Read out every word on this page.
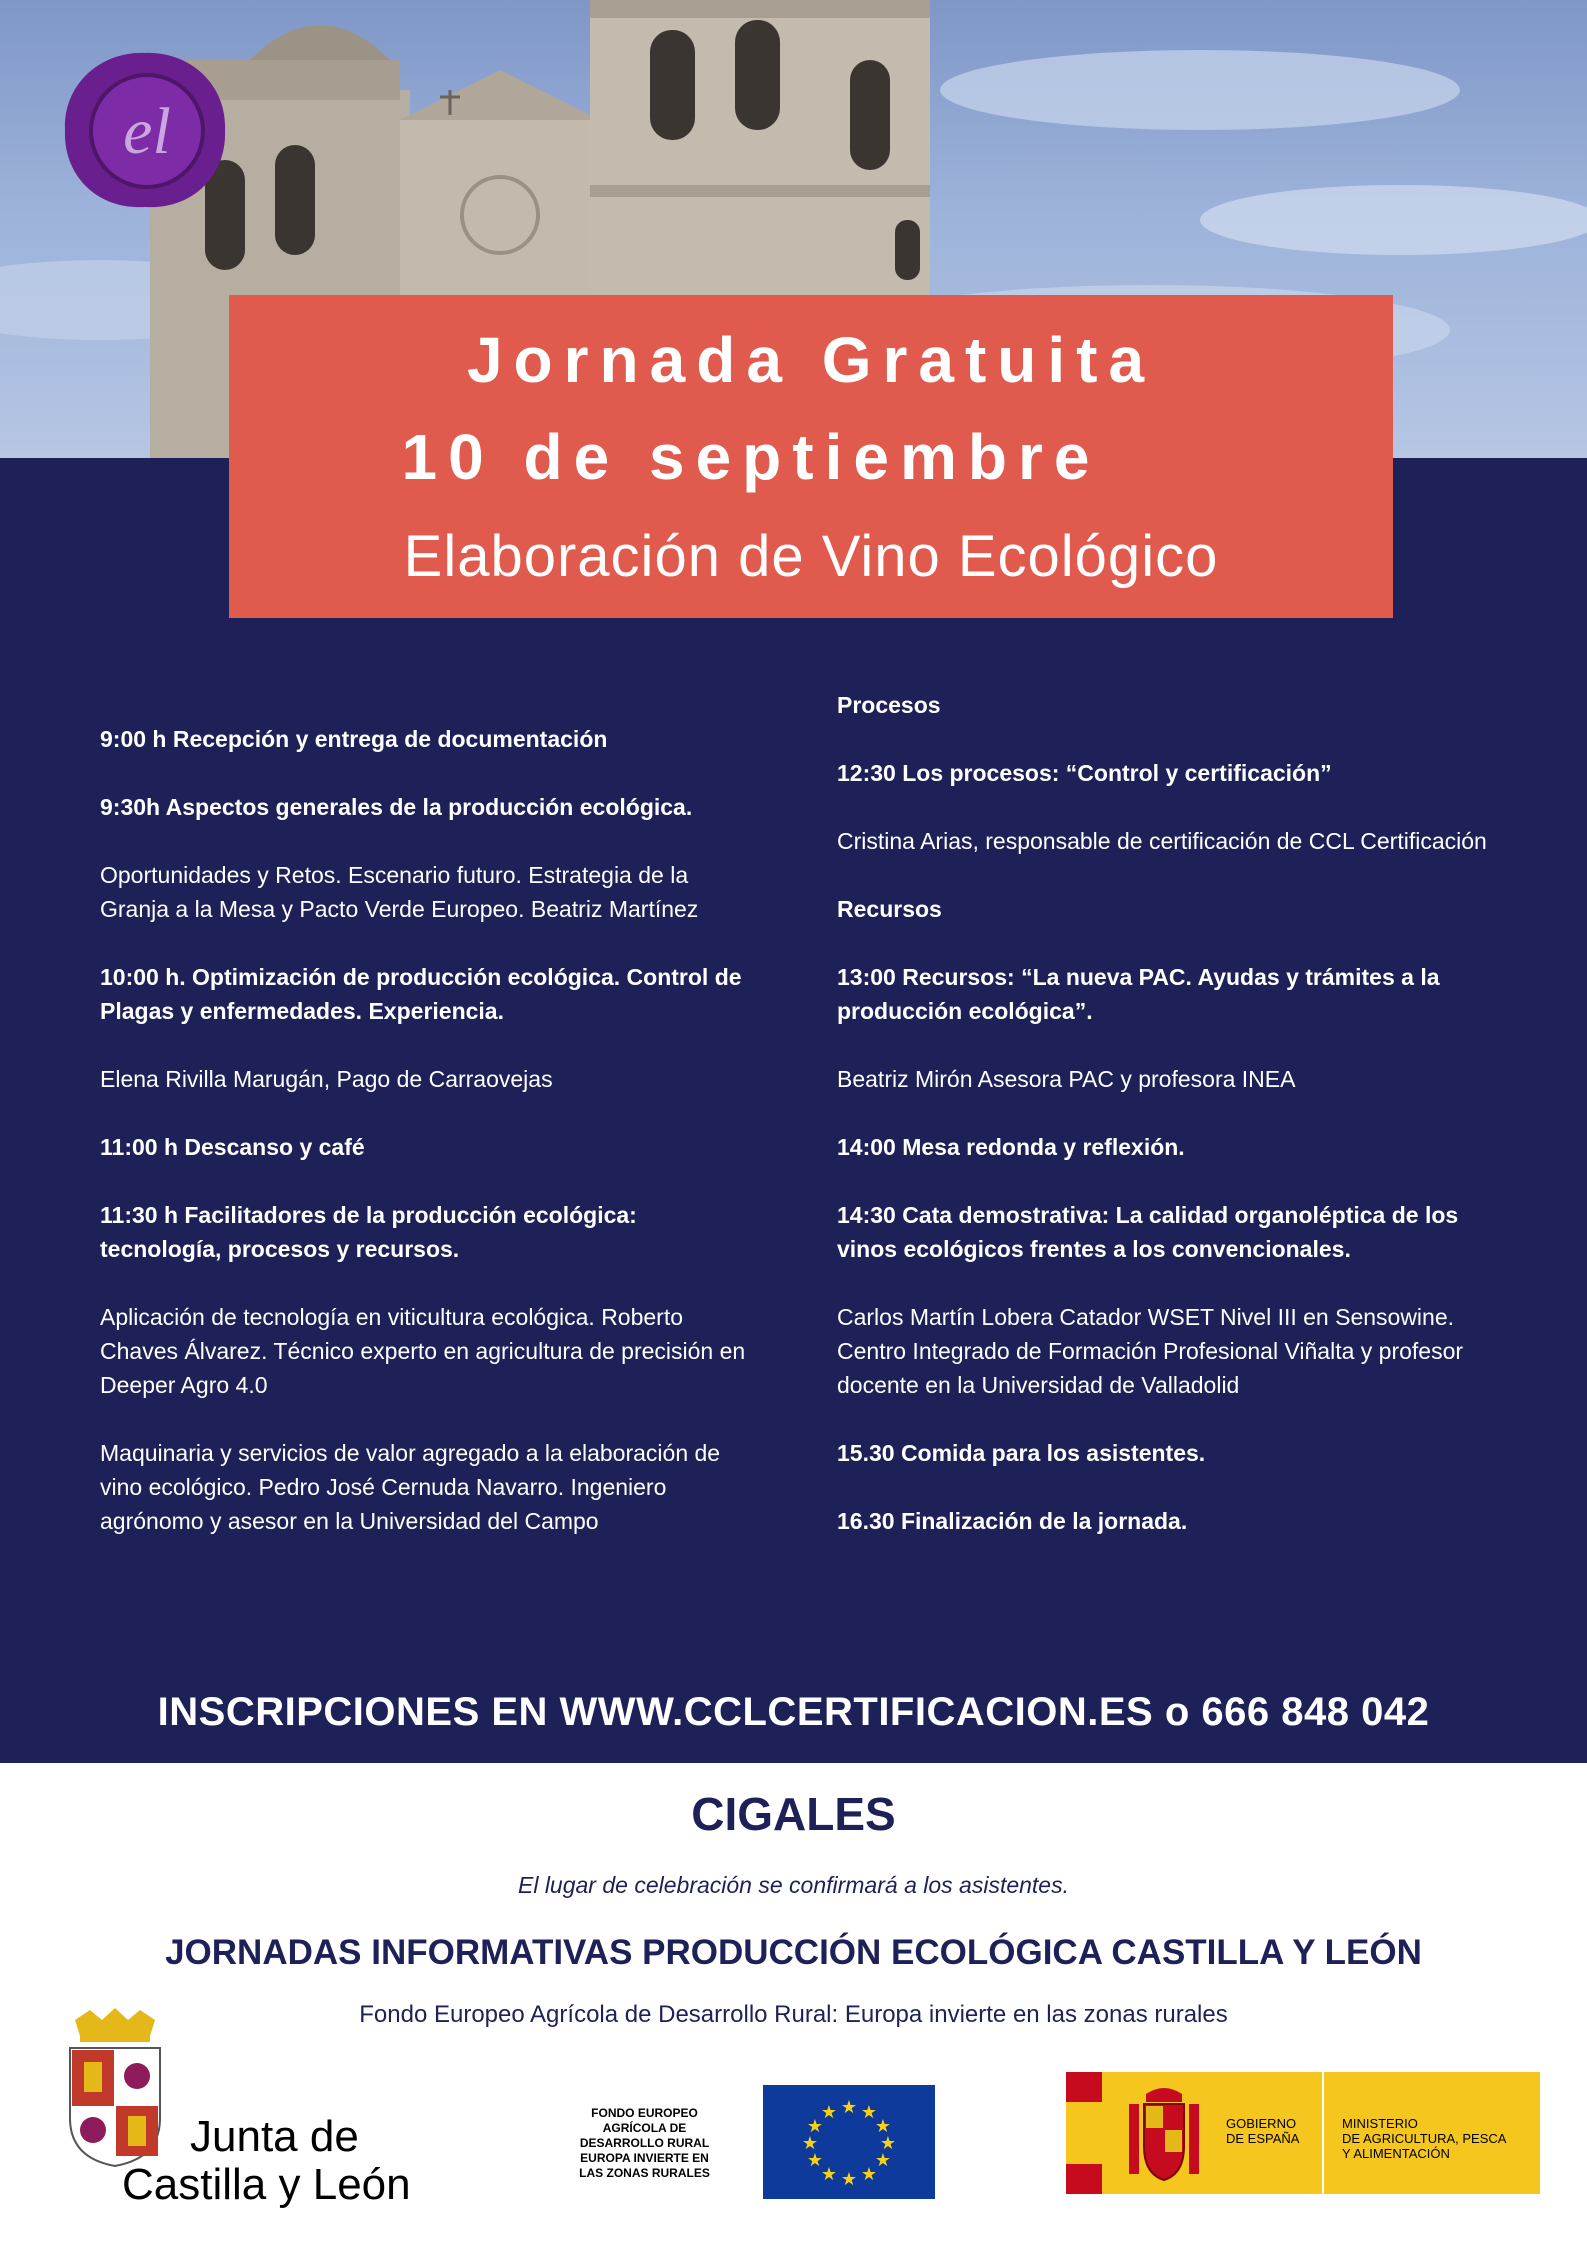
el
Jornada Gratuita
10 de septiembre
Elaboración de Vino Ecológico

9:00 h Recepción y entrega de documentación

9:30h Aspectos generales de la producción ecológica.

Oportunidades y Retos. Escenario futuro. Estrategia de la Granja a la Mesa y Pacto Verde Europeo. Beatriz Martínez

10:00 h. Optimización de producción ecológica. Control de Plagas y enfermedades. Experiencia.

Elena Rivilla Marugán, Pago de Carraovejas

11:00 h Descanso y café

11:30 h Facilitadores de la producción ecológica: tecnología, procesos y recursos.

Aplicación de tecnología en viticultura ecológica. Roberto Chaves Álvarez. Técnico experto en agricultura de precisión en Deeper Agro 4.0

Maquinaria y servicios de valor agregado a la elaboración de vino ecológico. Pedro José Cernuda Navarro. Ingeniero agrónomo y asesor en la Universidad del Campo

Procesos

12:30 Los procesos: “Control y certificación”

Cristina Arias, responsable de certificación de CCL Certificación

Recursos

13:00 Recursos: “La nueva PAC. Ayudas y trámites a la producción ecológica”.

Beatriz Mirón Asesora PAC y profesora INEA

14:00 Mesa redonda y reflexión.

14:30 Cata demostrativa: La calidad organoléptica de los vinos ecológicos frentes a los convencionales.

Carlos Martín Lobera Catador WSET Nivel III en Sensowine. Centro Integrado de Formación Profesional Viñalta y profesor docente en la Universidad de Valladolid

15.30 Comida para los asistentes.

16.30 Finalización de la jornada.

INSCRIPCIONES EN WWW.CCLCERTIFICACION.ES o 666 848 042
CIGALES
El lugar de celebración se confirmará a los asistentes.
JORNADAS INFORMATIVAS PRODUCCIÓN ECOLÓGICA CASTILLA Y LEÓN
Fondo Europeo Agrícola de Desarrollo Rural: Europa invierte en las zonas rurales
Junta de
Castilla y León
FONDO EUROPEO AGRÍCOLA DE DESARROLLO RURAL EUROPA INVIERTE EN LAS ZONAS RURALES
★ ★
★
★
★
★
★
★
★
★
★
★
GOBIERNO DE ESPAÑA
MINISTERIO
DE AGRICULTURA, PESCA
Y ALIMENTACIÓN
